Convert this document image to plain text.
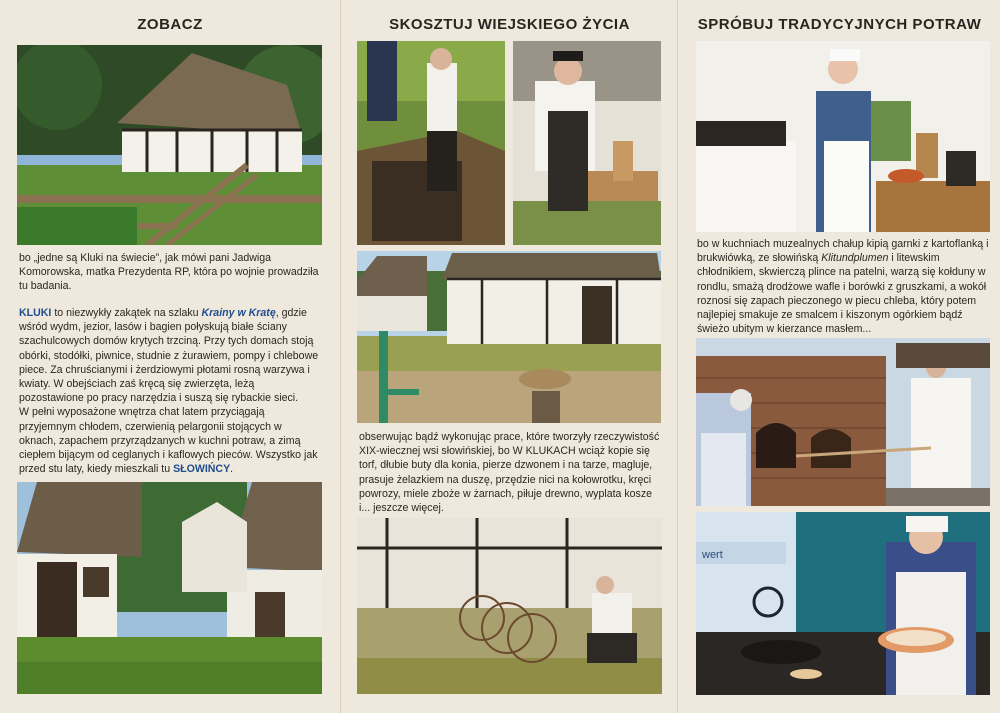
ZOBACZ
bo „jedne są Kluki na świecie”, jak mówi pani Jadwiga Komorowska, matka Prezydenta RP, która po wojnie prowadziła tu badania.

KLUKI to niezwykły zakątek na szlaku Krainy w Kratę, gdzie wśród wydm, jezior, lasów i bagien połyskują białe ściany szachulcowych domów krytych trzciną. Przy tych domach stoją obórki, stodółki, piwnice, studnie z żurawiem, pompy i chlebowe piece. Za chruścianymi i żerdziowymi płotami rosną warzywa i kwiaty. W obejściach zaś kręcą się zwierzęta, leżą pozostawione po pracy narzędzia i suszą się rybackie sieci.

W pełni wyposażone wnętrza chat latem przyciągają przyjemnym chłodem, czerwienią pelargonii stojących w oknach, zapachem przyrządzanych w kuchni potraw, a zimą ciepłem bijącym od ceglanych i kaflowych pieców. Wszystko jak przed stu laty, kiedy mieszkali tu SŁOWIŃCY.

SKOSZTUJ WIEJSKIEGO ŻYCIA
obserwując bądź wykonując prace, które tworzyły rzeczywistość XIX-wiecznej wsi słowińskiej, bo W KLUKACH wciąż kopie się torf, dłubie buty dla konia, pierze dzwonem i na tarze, magluje, prasuje żelazkiem na duszę, przędzie nici na kołowrotku, kręci powrozy, miele zboże w żarnach, piłuje drewno, wyplata kosze i... jeszcze więcej.
SPRÓBUJ TRADYCYJNYCH POTRAW
bo w kuchniach muzealnych chałup kipią garnki z kartoflanką i brukwiówką, ze słowińską Klitundplumen i litewskim chłodnikiem, skwierczą plince na patelni, warzą się kołduny w rondlu, smażą drodżowe wafle i borówki z gruszkami, a wokół roznosi się zapach pieczonego w piecu chleba, który potem najlepiej smakuje ze smalcem i kiszonym ogórkiem bądź świeżo ubitym w kierzance masłem...
wert
